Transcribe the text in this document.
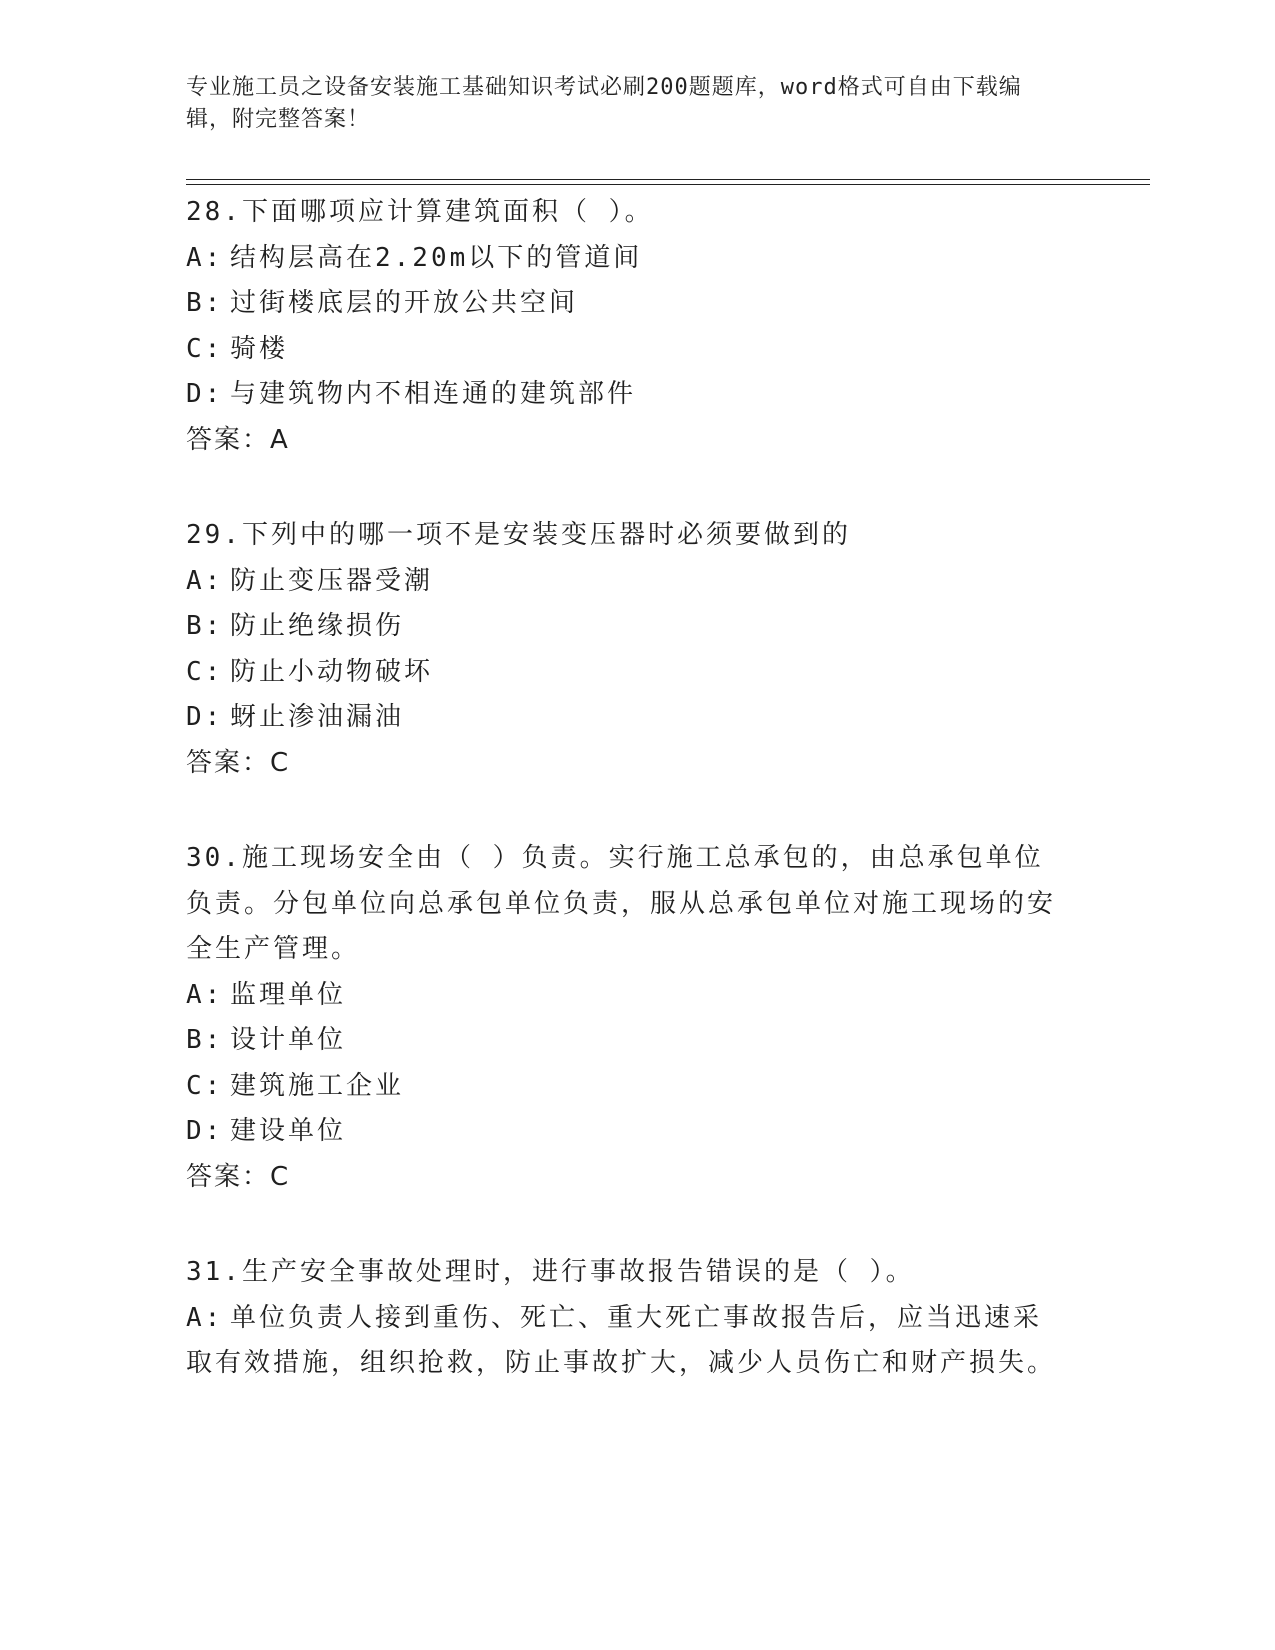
专业施工员之设备安装施工基础知识考试必刷200题题库，word格式可自由下载编辑，附完整答案！
28.下面哪项应计算建筑面积（ ）。
A: 结构层高在2.20m以下的管道间
B: 过街楼底层的开放公共空间
C: 骑楼
D: 与建筑物内不相连通的建筑部件
答案：A
29.下列中的哪一项不是安装变压器时必须要做到的
A: 防止变压器受潮
B: 防止绝缘损伤
C: 防止小动物破坏
D: 蚜止渗油漏油
答案：C
30.施工现场安全由（ ）负责。实行施工总承包的，由总承包单位负责。分包单位向总承包单位负责，服从总承包单位对施工现场的安全生产管理。
A: 监理单位
B: 设计单位
C: 建筑施工企业
D: 建设单位
答案：C
31.生产安全事故处理时，进行事故报告错误的是（ ）。
A: 单位负责人接到重伤、死亡、重大死亡事故报告后，应当迅速采取有效措施，组织抢救，防止事故扩大，减少人员伤亡和财产损失。
